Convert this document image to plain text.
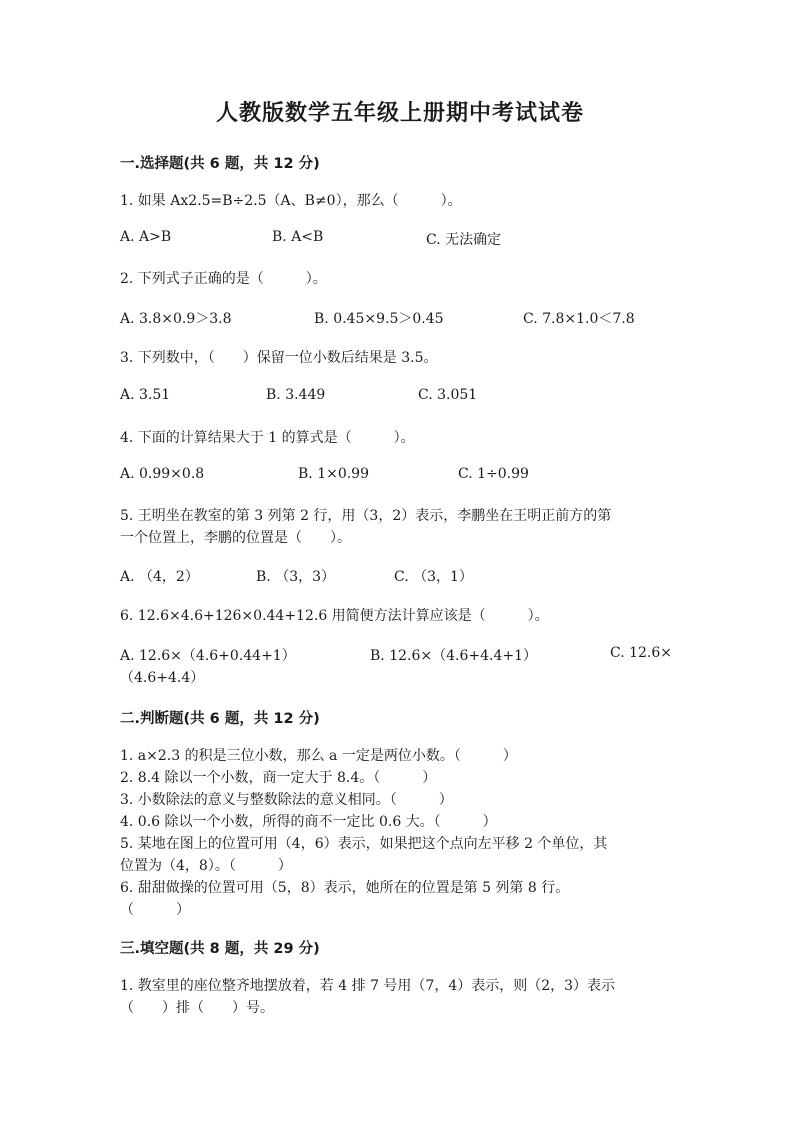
人教版数学五年级上册期中考试试卷
一.选择题(共 6 题，共 12 分)
1. 如果 Ax2.5=B÷2.5（A、B≠0），那么（　　　）。
A. A>B	B. A<B	C. 无法确定
2. 下列式子正确的是（　　　）。
A. 3.8×0.9＞3.8	B. 0.45×9.5＞0.45	C. 7.8×1.0＜7.8
3. 下列数中，（　　）保留一位小数后结果是 3.5。
A. 3.51	B. 3.449	C. 3.051
4. 下面的计算结果大于 1 的算式是（　　　）。
A. 0.99×0.8	B. 1×0.99	C. 1÷0.99
5. 王明坐在教室的第 3 列第 2 行，用（3，2）表示，李鹏坐在王明正前方的第
一个位置上，李鹏的位置是（　　）。
A. （4，2）	B. （3，3）	C. （3，1）
6. 12.6×4.6+126×0.44+12.6 用简便方法计算应该是（　　　）。
A. 12.6×（4.6+0.44+1）	B. 12.6×（4.6+4.4+1）	C. 12.6×
（4.6+4.4）
二.判断题(共 6 题，共 12 分)
1. a×2.3 的积是三位小数，那么 a 一定是两位小数。（　　　）
2. 8.4 除以一个小数，商一定大于 8.4。（　　　）
3. 小数除法的意义与整数除法的意义相同。（　　　）
4. 0.6 除以一个小数，所得的商不一定比 0.6 大。（　　　）
5. 某地在图上的位置可用（4，6）表示，如果把这个点向左平移 2 个单位，其
位置为（4，8）。（　　　）
6. 甜甜做操的位置可用（5，8）表示，她所在的位置是第 5 列第 8 行。
（　　　）
三.填空题(共 8 题，共 29 分)
1. 教室里的座位整齐地摆放着，若 4 排 7 号用（7，4）表示，则（2，3）表示
（　　）排（　　）号。
